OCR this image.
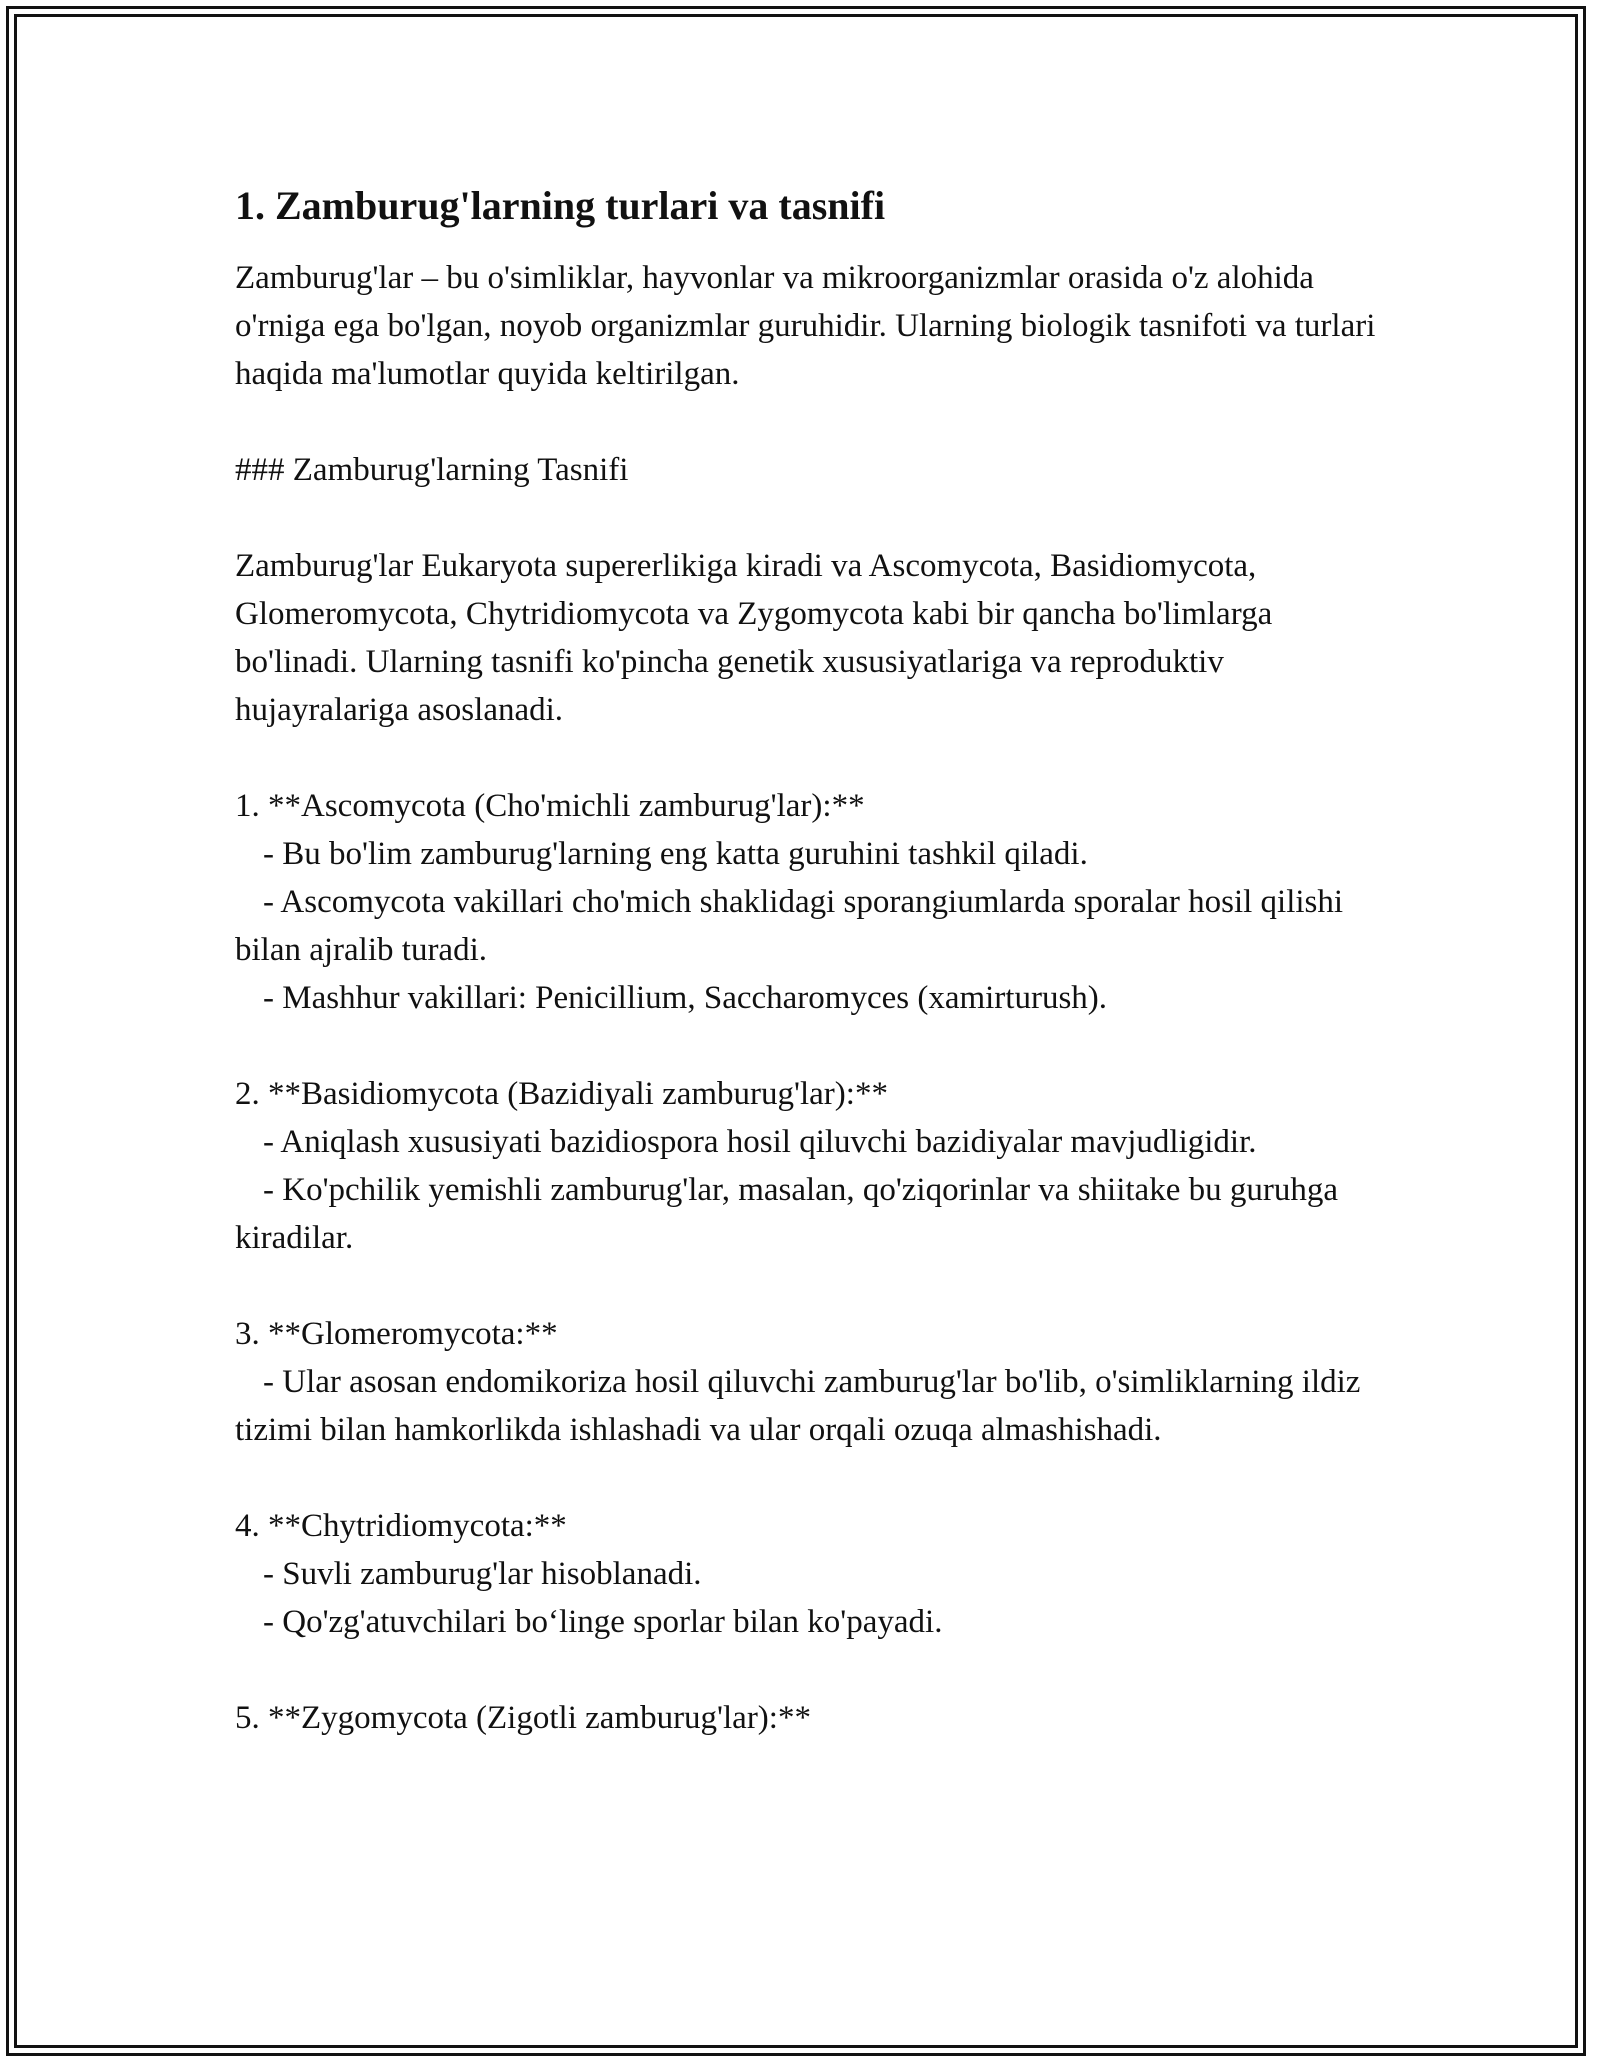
1. Zamburug'larning turlari va tasnifi

Zamburug'lar – bu o'simliklar, hayvonlar va mikroorganizmlar orasida o'z alohida o'rniga ega bo'lgan, noyob organizmlar guruhidir. Ularning biologik tasnifoti va turlari haqida ma'lumotlar quyida keltirilgan.

### Zamburug'larning Tasnifi

Zamburug'lar Eukaryota supererlikiga kiradi va Ascomycota, Basidiomycota, Glomeromycota, Chytridiomycota va Zygomycota kabi bir qancha bo'limlarga bo'linadi. Ularning tasnifi ko'pincha genetik xususiyatlariga va reproduktiv hujayralariga asoslanadi.

1. **Ascomycota (Cho'michli zamburug'lar):**
- Bu bo'lim zamburug'larning eng katta guruhini tashkil qiladi.
- Ascomycota vakillari cho'mich shaklidagi sporangiumlarda sporalar hosil qilishi bilan ajralib turadi.
- Mashhur vakillari: Penicillium, Saccharomyces (xamirturush).
2. **Basidiomycota (Bazidiyali zamburug'lar):**
- Aniqlash xususiyati bazidiospora hosil qiluvchi bazidiyalar mavjudligidir.
- Ko'pchilik yemishli zamburug'lar, masalan, qo'ziqorinlar va shiitake bu guruhga kiradilar.
3. **Glomeromycota:**
- Ular asosan endomikoriza hosil qiluvchi zamburug'lar bo'lib, o'simliklarning ildiz tizimi bilan hamkorlikda ishlashadi va ular orqali ozuqa almashishadi.
4. **Chytridiomycota:**
- Suvli zamburug'lar hisoblanadi.
- Qo'zg'atuvchilari bo‘linge sporlar bilan ko'payadi.
5. **Zygomycota (Zigotli zamburug'lar):**
